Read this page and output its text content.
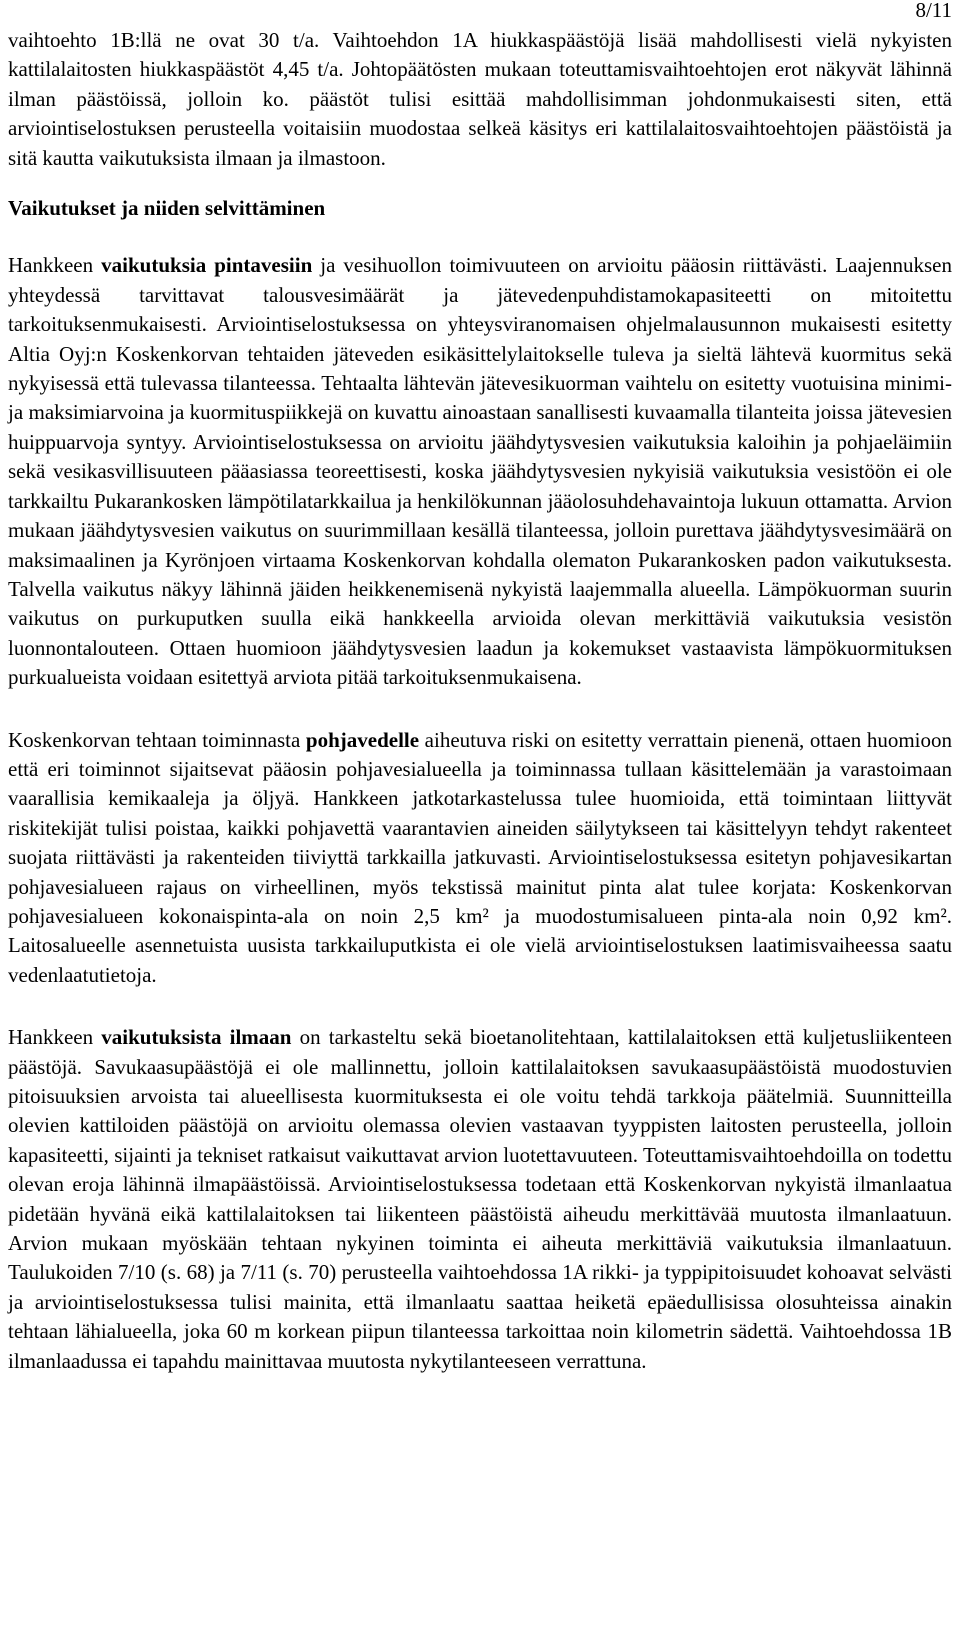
8/11

vaihtoehto 1B:llä ne ovat 30 t/a. Vaihtoehdon 1A hiukkaspäästöjä lisää mahdollisesti vielä nykyisten kattilalaitosten hiukkaspäästöt 4,45 t/a. Johtopäätösten mukaan toteuttamisvaihtoehtojen erot näkyvät lähinnä ilman päästöissä, jolloin ko. päästöt tulisi esittää mahdollisimman johdonmukaisesti siten, että arviointiselostuksen perusteella voitaisiin muodostaa selkeä käsitys eri kattilalaitosvaihtoehtojen päästöistä ja sitä kautta vaikutuksista ilmaan ja ilmastoon.

Vaikutukset ja niiden selvittäminen

Hankkeen vaikutuksia pintavesiin ja vesihuollon toimivuuteen on arvioitu pääosin riittävästi. Laajennuksen yhteydessä tarvittavat talousvesimäärät ja jätevedenpuhdistamokapasiteetti on mitoitettu tarkoituksenmukaisesti. Arviointiselostuksessa on yhteysviranomaisen ohjelmalausunnon mukaisesti esitetty Altia Oyj:n Koskenkorvan tehtaiden jäteveden esikäsittelylaitokselle tuleva ja sieltä lähtevä kuormitus sekä nykyisessä että tulevassa tilanteessa. Tehtaalta lähtevän jätevesikuorman vaihtelu on esitetty vuotuisina minimi- ja maksimiarvoina ja kuormituspiikkejä on kuvattu ainoastaan sanallisesti kuvaamalla tilanteita joissa jätevesien huippuarvoja syntyy. Arviointiselostuksessa on arvioitu jäähdytysvesien vaikutuksia kaloihin ja pohjaeläimiin sekä vesikasvillisuuteen pääasiassa teoreettisesti, koska jäähdytysvesien nykyisiä vaikutuksia vesistöön ei ole tarkkailtu Pukarankosken lämpötilatarkkailua ja henkilökunnan jääolosuhdehavaintoja lukuun ottamatta. Arvion mukaan jäähdytysvesien vaikutus on suurimmillaan kesällä tilanteessa, jolloin purettava jäähdytysvesimäärä on maksimaalinen ja Kyrönjoen virtaama Koskenkorvan kohdalla olematon Pukarankosken padon vaikutuksesta. Talvella vaikutus näkyy lähinnä jäiden heikkenemisenä nykyistä laajemmalla alueella. Lämpökuorman suurin vaikutus on purkuputken suulla eikä hankkeella arvioida olevan merkittäviä vaikutuksia vesistön luonnontalouteen. Ottaen huomioon jäähdytysvesien laadun ja kokemukset vastaavista lämpökuormituksen purkualueista voidaan esitettyä arviota pitää tarkoituksenmukaisena.

Koskenkorvan tehtaan toiminnasta pohjavedelle aiheutuva riski on esitetty verrattain pienenä, ottaen huomioon että eri toiminnot sijaitsevat pääosin pohjavesialueella ja toiminnassa tullaan käsittelemään ja varastoimaan vaarallisia kemikaaleja ja öljyä. Hankkeen jatkotarkastelussa tulee huomioida, että toimintaan liittyvät riskitekijät tulisi poistaa, kaikki pohjavettä vaarantavien aineiden säilytykseen tai käsittelyyn tehdyt rakenteet suojata riittävästi ja rakenteiden tiiviyttä tarkkailla jatkuvasti. Arviointiselostuksessa esitetyn pohjavesikartan pohjavesialueen rajaus on virheellinen, myös tekstissä mainitut pinta alat tulee korjata: Koskenkorvan pohjavesialueen kokonaispinta-ala on noin 2,5 km² ja muodostumisalueen pinta-ala noin 0,92 km². Laitosalueelle asennetuista uusista tarkkailuputkista ei ole vielä arviointiselostuksen laatimisvaiheessa saatu vedenlaatutietoja.

Hankkeen vaikutuksista ilmaan on tarkasteltu sekä bioetanolitehtaan, kattilalaitoksen että kuljetusliikenteen päästöjä. Savukaasupäästöjä ei ole mallinnettu, jolloin kattilalaitoksen savukaasupäästöistä muodostuvien pitoisuuksien arvoista tai alueellisesta kuormituksesta ei ole voitu tehdä tarkkoja päätelmiä. Suunnitteilla olevien kattiloiden päästöjä on arvioitu olemassa olevien vastaavan tyyppisten laitosten perusteella, jolloin kapasiteetti, sijainti ja tekniset ratkaisut vaikuttavat arvion luotettavuuteen. Toteuttamisvaihtoehdoilla on todettu olevan eroja lähinnä ilmapäästöissä. Arviointiselostuksessa todetaan että Koskenkorvan nykyistä ilmanlaatua pidetään hyvänä eikä kattilalaitoksen tai liikenteen päästöistä aiheudu merkittävää muutosta ilmanlaatuun. Arvion mukaan myöskään tehtaan nykyinen toiminta ei aiheuta merkittäviä vaikutuksia ilmanlaatuun. Taulukoiden 7/10 (s. 68) ja 7/11 (s. 70) perusteella vaihtoehdossa 1A rikki- ja typpipitoisuudet kohoavat selvästi ja arviointiselostuksessa tulisi mainita, että ilmanlaatu saattaa heiketä epäedullisissa olosuhteissa ainakin tehtaan lähialueella, joka 60 m korkean piipun tilanteessa tarkoittaa noin kilometrin sädettä. Vaihtoehdossa 1B ilmanlaadussa ei tapahdu mainittavaa muutosta nykytilanteeseen verrattuna.
